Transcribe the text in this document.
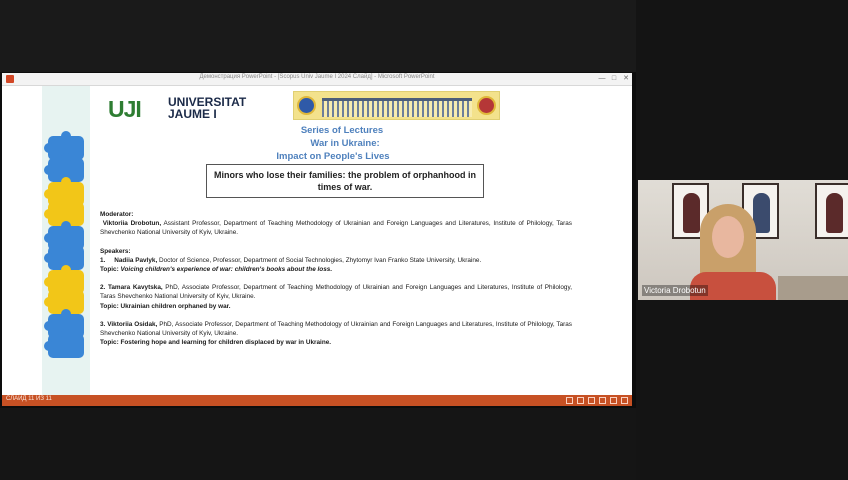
Демонстрация PowerPoint - [Scopus Univ Jaume I 2024 Слайд] - Microsoft PowerPoint	— □ ✕
UJI UNIVERSITAT
JAUME I
Series of Lectures
War in Ukraine:
Impact on People's Lives
Minors who lose their families: the problem of orphanhood in times of war.

Moderator:

Viktoriia Drobotun, Assistant Professor, Department of Teaching Methodology of Ukrainian and Foreign Languages and Literatures, Institute of Philology, Taras Shevchenko National University of Kyiv, Ukraine.

Speakers:

1. Nadiia Pavlyk, Doctor of Science, Professor, Department of Social Technologies, Zhytomyr Ivan Franko State University, Ukraine.

Topic: Voicing children's experience of war: children's books about the loss.

2. Tamara Kavytska, PhD, Associate Professor, Department of Teaching Methodology of Ukrainian and Foreign Languages and Literatures, Institute of Philology, Taras Shevchenko National University of Kyiv, Ukraine.

Topic: Ukrainian children orphaned by war.

3. Viktoriia Osidak, PhD, Associate Professor, Department of Teaching Methodology of Ukrainian and Foreign Languages and Literatures, Institute of Philology, Taras Shevchenko National University of Kyiv, Ukraine.

Topic: Fostering hope and learning for children displaced by war in Ukraine.

СЛАЙД 11 ИЗ 11
Victoria Drobotun
